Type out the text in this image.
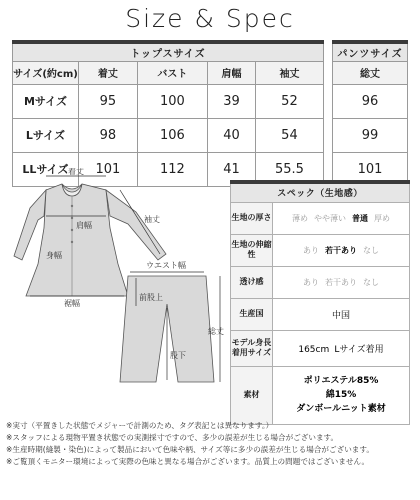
Size & Spec
トップスサイズ				
サイズ(約cm)	着丈	バスト	肩幅	袖丈
Mサイズ	95	100	39	52
Lサイズ	98	106	40	54
LLサイズ	101	112	41	55.5
パンツサイズ
総丈
96
99
101
着丈
袖丈
肩幅
身幅
裾幅
ウエスト幅
前股上
総丈
股下
スペック（生地感）	
生地の厚さ	薄め やや薄い 普通 厚め
生地の伸縮性	あり 若干あり なし
透け感	あり 若干あり なし
生産国	中国
モデル身長着用サイズ	165cm Lサイズ着用
素材	ポリエステル85%
綿15%
ダンボールニット素材

※実寸（平置きした状態でメジャーで計測のため、タグ表記とは異なります。）

※スタッフによる現物平置き状態での実測採寸ですので、多少の誤差が生じる場合がございます。

※生産時期(縫製・染色)によって製品において色味や柄、サイズ等に多少の誤差が生じる場合がございます。

※ご覧頂くモニター環境によって実際の色味と異なる場合がございます。品質上の問題ではございません。
